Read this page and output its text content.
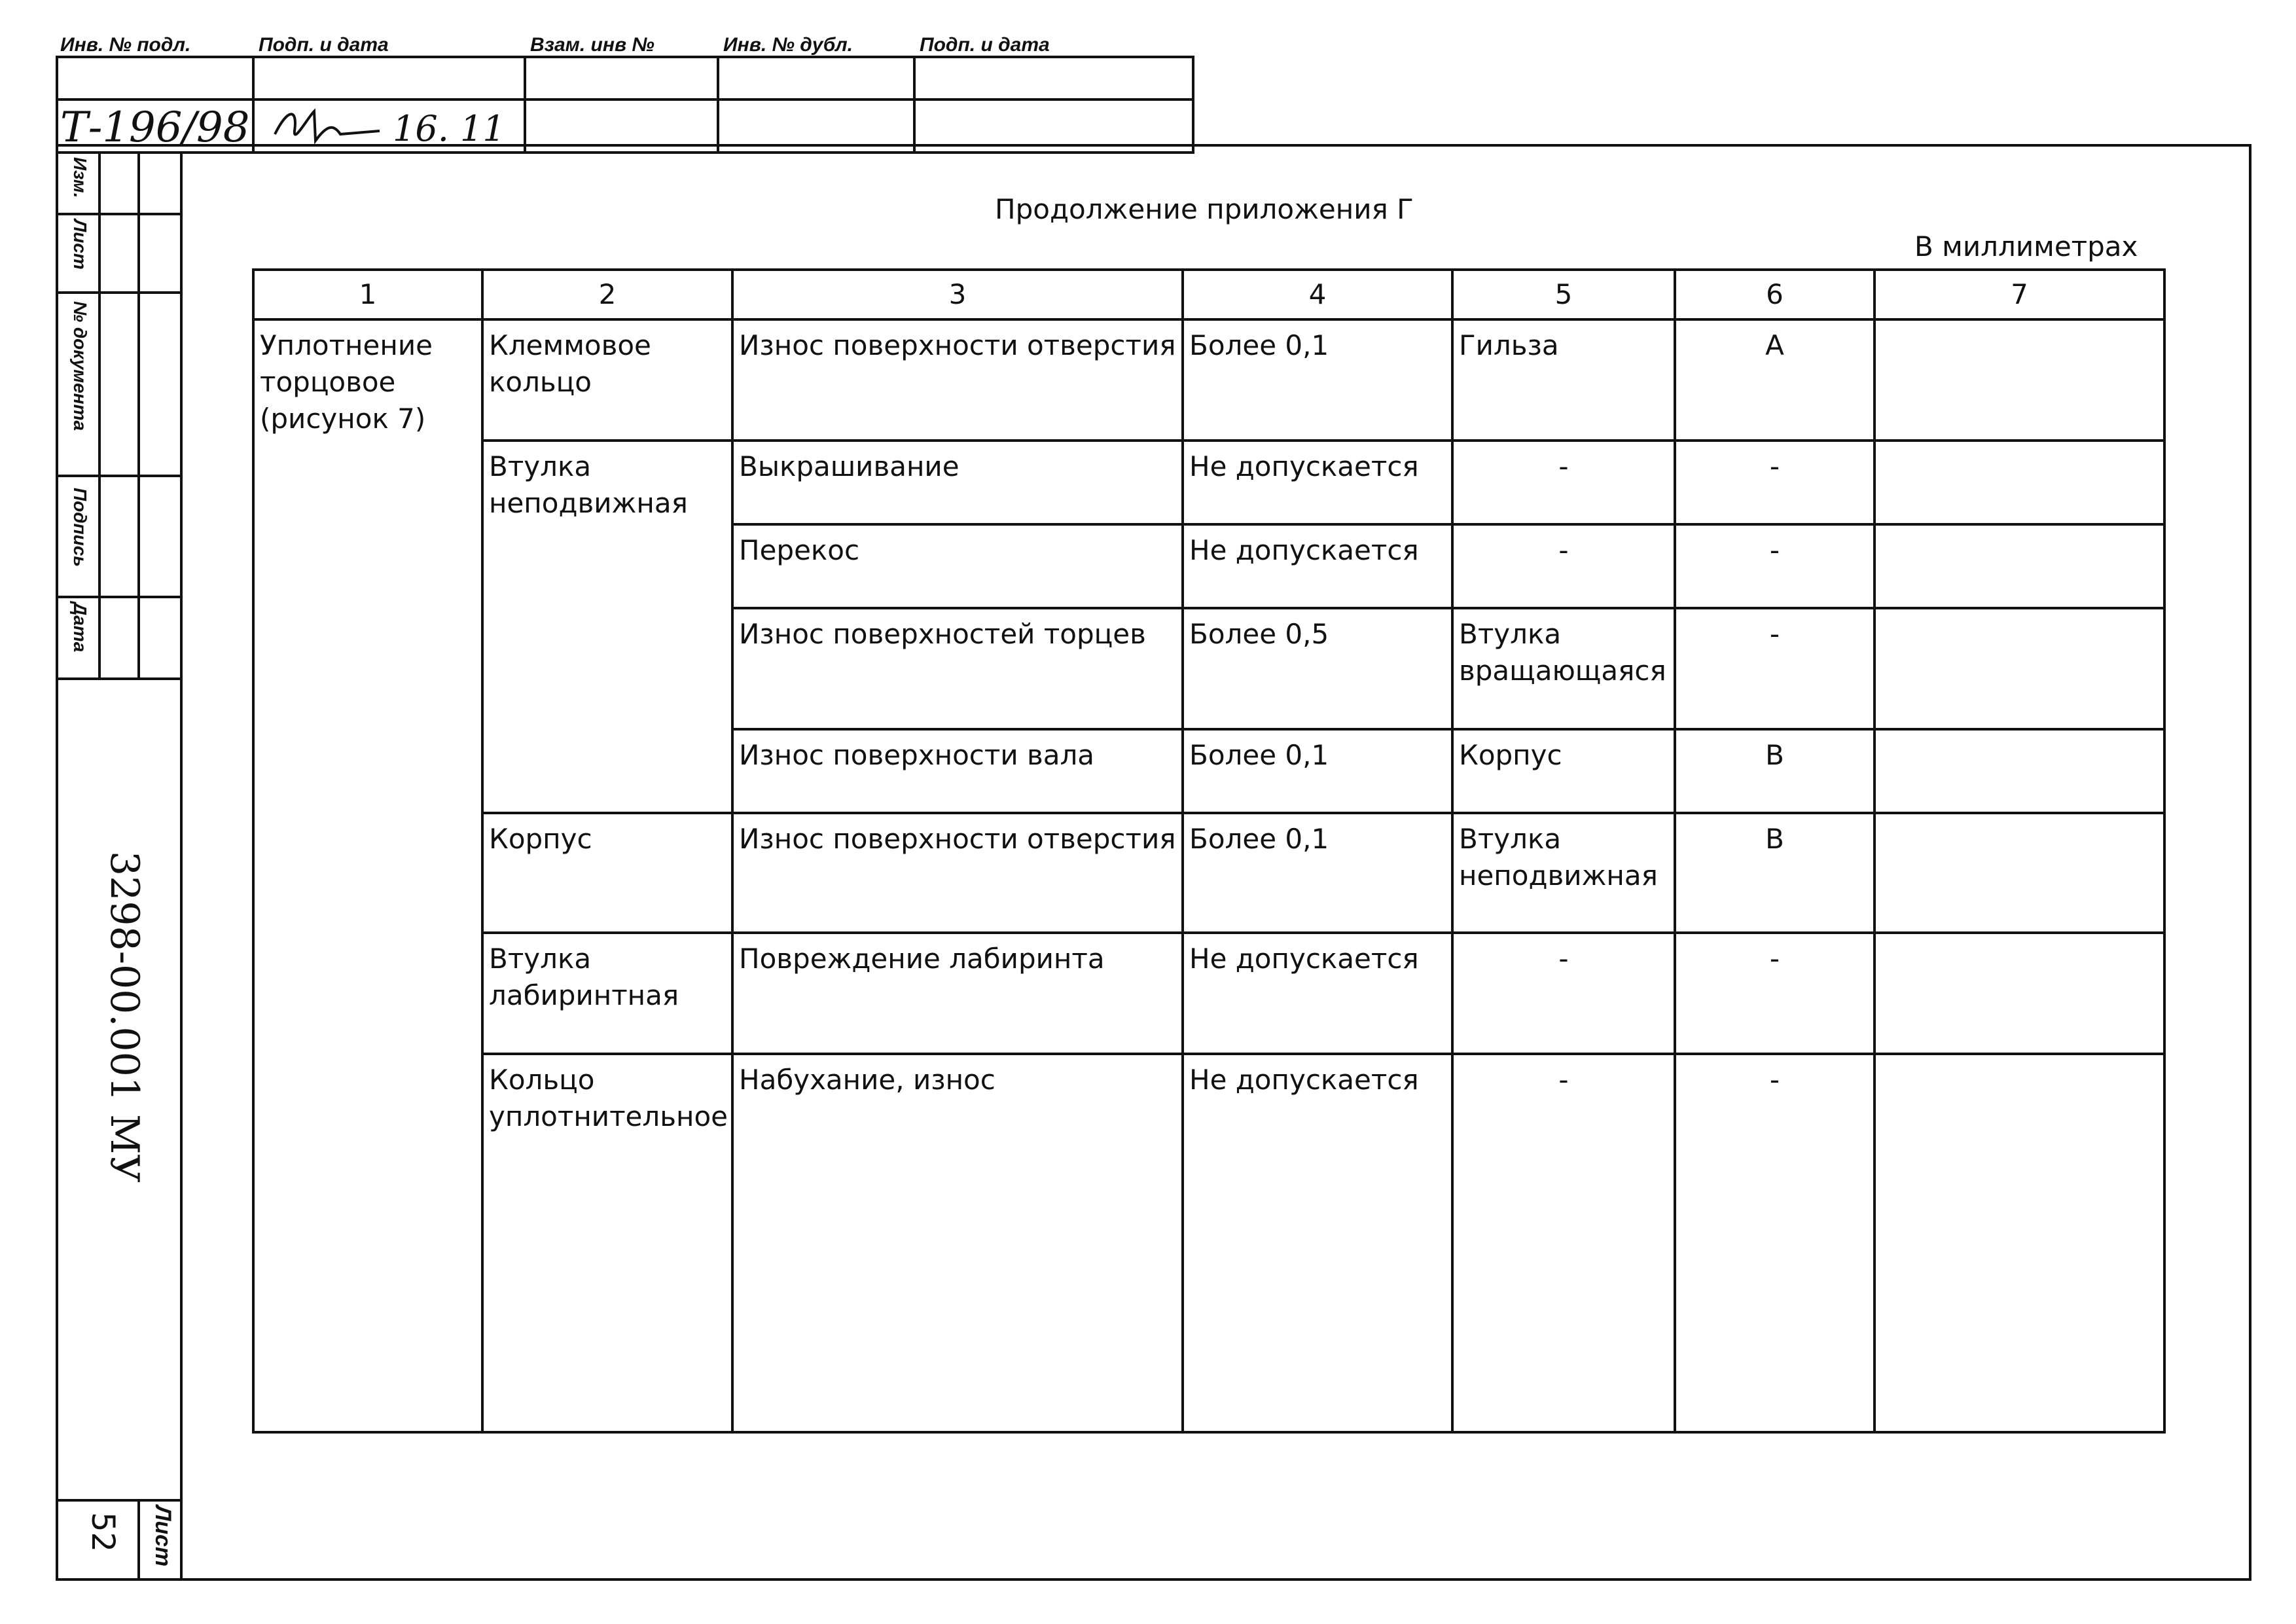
Инв. № подл.	Подп. и дата	Взам. инв №	Инв. № дубл.	Подп. и дата
Т-196/98	16. 11
Изм.
Лист
№ документа
Подпись
Дата
3298-00.001 МУ
Лист
52
Продолжение приложения Г
В миллиметрах
1	2	3	4	5	6	7
Уплотнение торцовое (рисунок 7)	Клеммовое кольцо	Износ поверхности отверстия	Более 0,1	Гильза	А	
	Втулка неподвижная	Выкрашивание	Не допускается	-	-	
		Перекос	Не допускается	-	-	
		Износ поверхностей торцев	Более 0,5	Втулка вращающаяся	-	
		Износ поверхности вала	Более 0,1	Корпус	В	
	Корпус	Износ поверхности отверстия	Более 0,1	Втулка неподвижная	В	
	Втулка лабиринтная	Повреждение лабиринта	Не допускается	-	-	
	Кольцо уплотнительное	Набухание, износ	Не допускается	-	-	
